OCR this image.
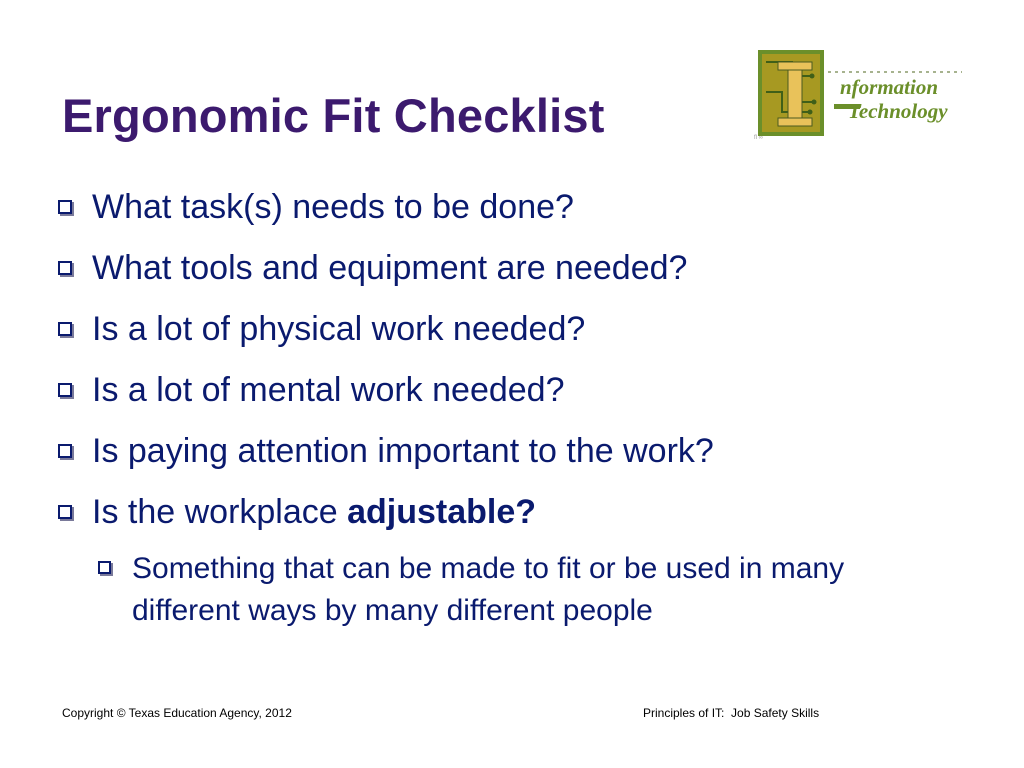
Ergonomic Fit Checklist
nformation
Technology
ﬂ ∞
What task(s) needs to be done?
What tools and equipment are needed?
Is a lot of physical work needed?
Is a lot of mental work needed?
Is paying attention important to the work?
Is the workplace adjustable?
Something that can be made to fit or be used in many different ways by many different people
Copyright © Texas Education Agency, 2012	Principles of IT:  Job Safety Skills
